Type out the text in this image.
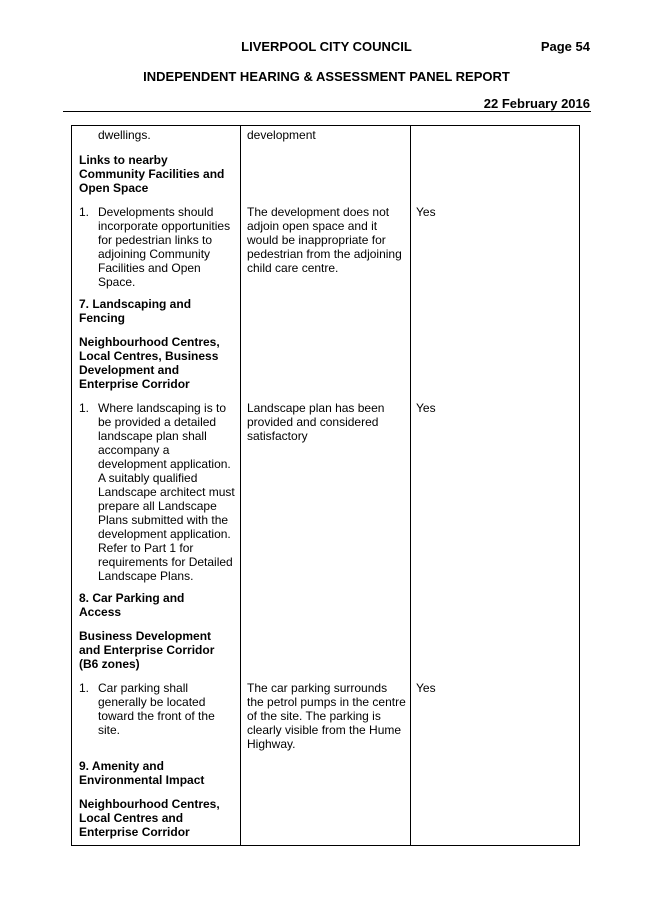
LIVERPOOL CITY COUNCIL	Page 54
INDEPENDENT HEARING & ASSESSMENT PANEL REPORT
22 February 2016
dwellings.	development
Links to nearby Community Facilities and Open Space
1. Developments should incorporate opportunities for pedestrian links to adjoining Community Facilities and Open Space.
The development does not adjoin open space and it would be inappropriate for pedestrian from the adjoining child care centre.
Yes
7. Landscaping and Fencing
Neighbourhood Centres, Local Centres, Business Development and Enterprise Corridor
1. Where landscaping is to be provided a detailed landscape plan shall accompany a development application. A suitably qualified Landscape architect must prepare all Landscape Plans submitted with the development application. Refer to Part 1 for requirements for Detailed Landscape Plans.
Landscape plan has been provided and considered satisfactory
Yes
8. Car Parking and Access
Business Development and Enterprise Corridor (B6 zones)
1. Car parking shall generally be located toward the front of the site.
The car parking surrounds the petrol pumps in the centre of the site. The parking is clearly visible from the Hume Highway.
Yes
9. Amenity and Environmental Impact
Neighbourhood Centres, Local Centres and Enterprise Corridor
